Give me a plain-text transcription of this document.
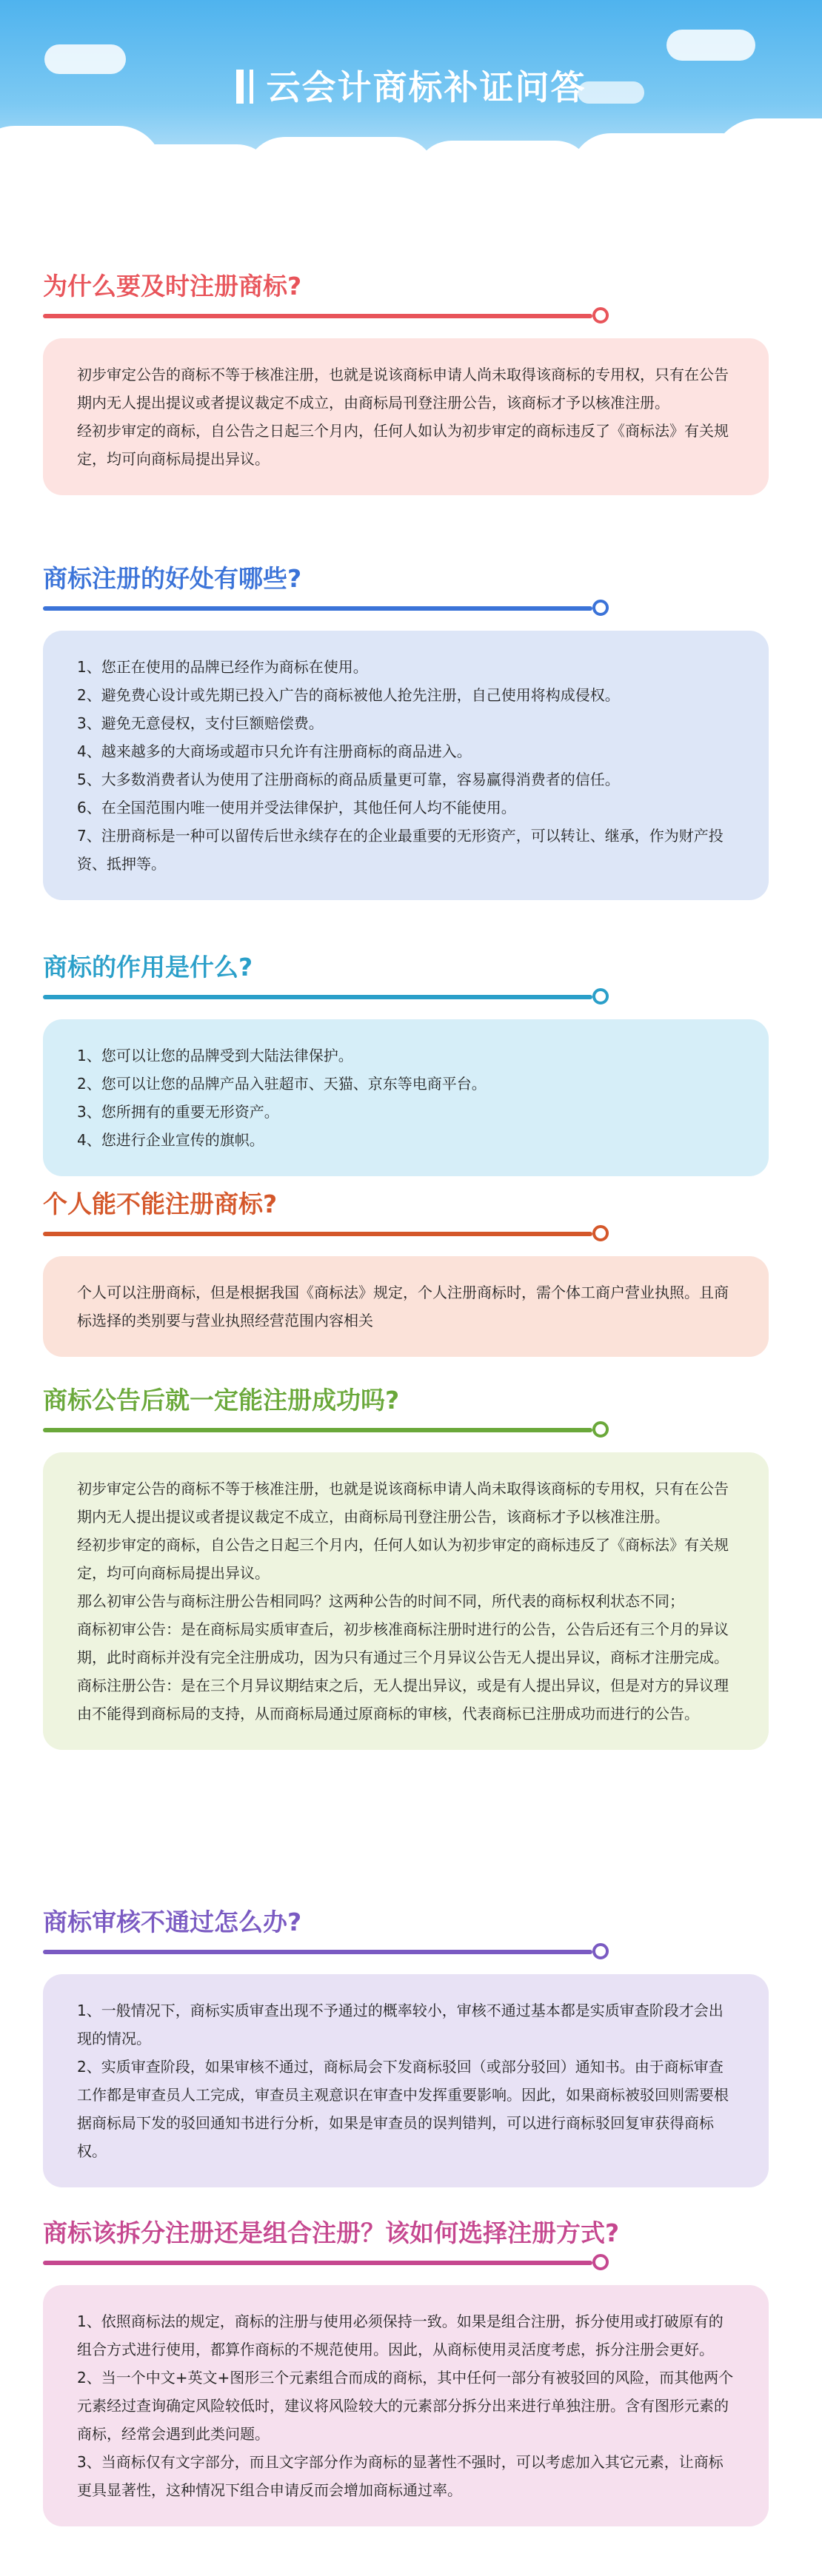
云会计商标补证问答
为什么要及时注册商标?

初步审定公告的商标不等于核准注册，也就是说该商标申请人尚未取得该商标的专用权，只有在公告期内无人提出提议或者提议裁定不成立，由商标局刊登注册公告，该商标才予以核准注册。

经初步审定的商标，自公告之日起三个月内，任何人如认为初步审定的商标违反了《商标法》有关规定，均可向商标局提出异议。

商标注册的好处有哪些?

1、您正在使用的品牌已经作为商标在使用。

2、避免费心设计或先期已投入广告的商标被他人抢先注册，自己使用将构成侵权。

3、避免无意侵权，支付巨额赔偿费。

4、越来越多的大商场或超市只允许有注册商标的商品进入。

5、大多数消费者认为使用了注册商标的商品质量更可靠，容易赢得消费者的信任。

6、在全国范围内唯一使用并受法律保护，其他任何人均不能使用。

7、注册商标是一种可以留传后世永续存在的企业最重要的无形资产，可以转让、继承，作为财产投资、抵押等。

商标的作用是什么?

1、您可以让您的品牌受到大陆法律保护。

2、您可以让您的品牌产品入驻超市、天猫、京东等电商平台。

3、您所拥有的重要无形资产。

4、您进行企业宣传的旗帜。

个人能不能注册商标?

个人可以注册商标，但是根据我国《商标法》规定，个人注册商标时，需个体工商户营业执照。且商标选择的类别要与营业执照经营范围内容相关

商标公告后就一定能注册成功吗?

初步审定公告的商标不等于核准注册，也就是说该商标申请人尚未取得该商标的专用权，只有在公告期内无人提出提议或者提议裁定不成立，由商标局刊登注册公告，该商标才予以核准注册。

经初步审定的商标，自公告之日起三个月内，任何人如认为初步审定的商标违反了《商标法》有关规定，均可向商标局提出异议。

那么初审公告与商标注册公告相同吗？这两种公告的时间不同，所代表的商标权利状态不同；

商标初审公告：是在商标局实质审查后，初步核准商标注册时进行的公告，公告后还有三个月的异议期，此时商标并没有完全注册成功，因为只有通过三个月异议公告无人提出异议，商标才注册完成。

商标注册公告：是在三个月异议期结束之后，无人提出异议，或是有人提出异议，但是对方的异议理由不能得到商标局的支持，从而商标局通过原商标的审核，代表商标已注册成功而进行的公告。

商标审核不通过怎么办?

1、一般情况下，商标实质审查出现不予通过的概率较小，审核不通过基本都是实质审查阶段才会出现的情况。

2、实质审查阶段，如果审核不通过，商标局会下发商标驳回（或部分驳回）通知书。由于商标审查工作都是审查员人工完成，审查员主观意识在审查中发挥重要影响。因此，如果商标被驳回则需要根据商标局下发的驳回通知书进行分析，如果是审查员的误判错判，可以进行商标驳回复审获得商标权。

商标该拆分注册还是组合注册？该如何选择注册方式?

1、依照商标法的规定，商标的注册与使用必须保持一致。如果是组合注册，拆分使用或打破原有的组合方式进行使用，都算作商标的不规范使用。因此，从商标使用灵活度考虑，拆分注册会更好。

2、当一个中文+英文+图形三个元素组合而成的商标，其中任何一部分有被驳回的风险，而其他两个元素经过查询确定风险较低时，建议将风险较大的元素部分拆分出来进行单独注册。含有图形元素的商标，经常会遇到此类问题。

3、当商标仅有文字部分，而且文字部分作为商标的显著性不强时，可以考虑加入其它元素，让商标更具显著性，这种情况下组合申请反而会增加商标通过率。
